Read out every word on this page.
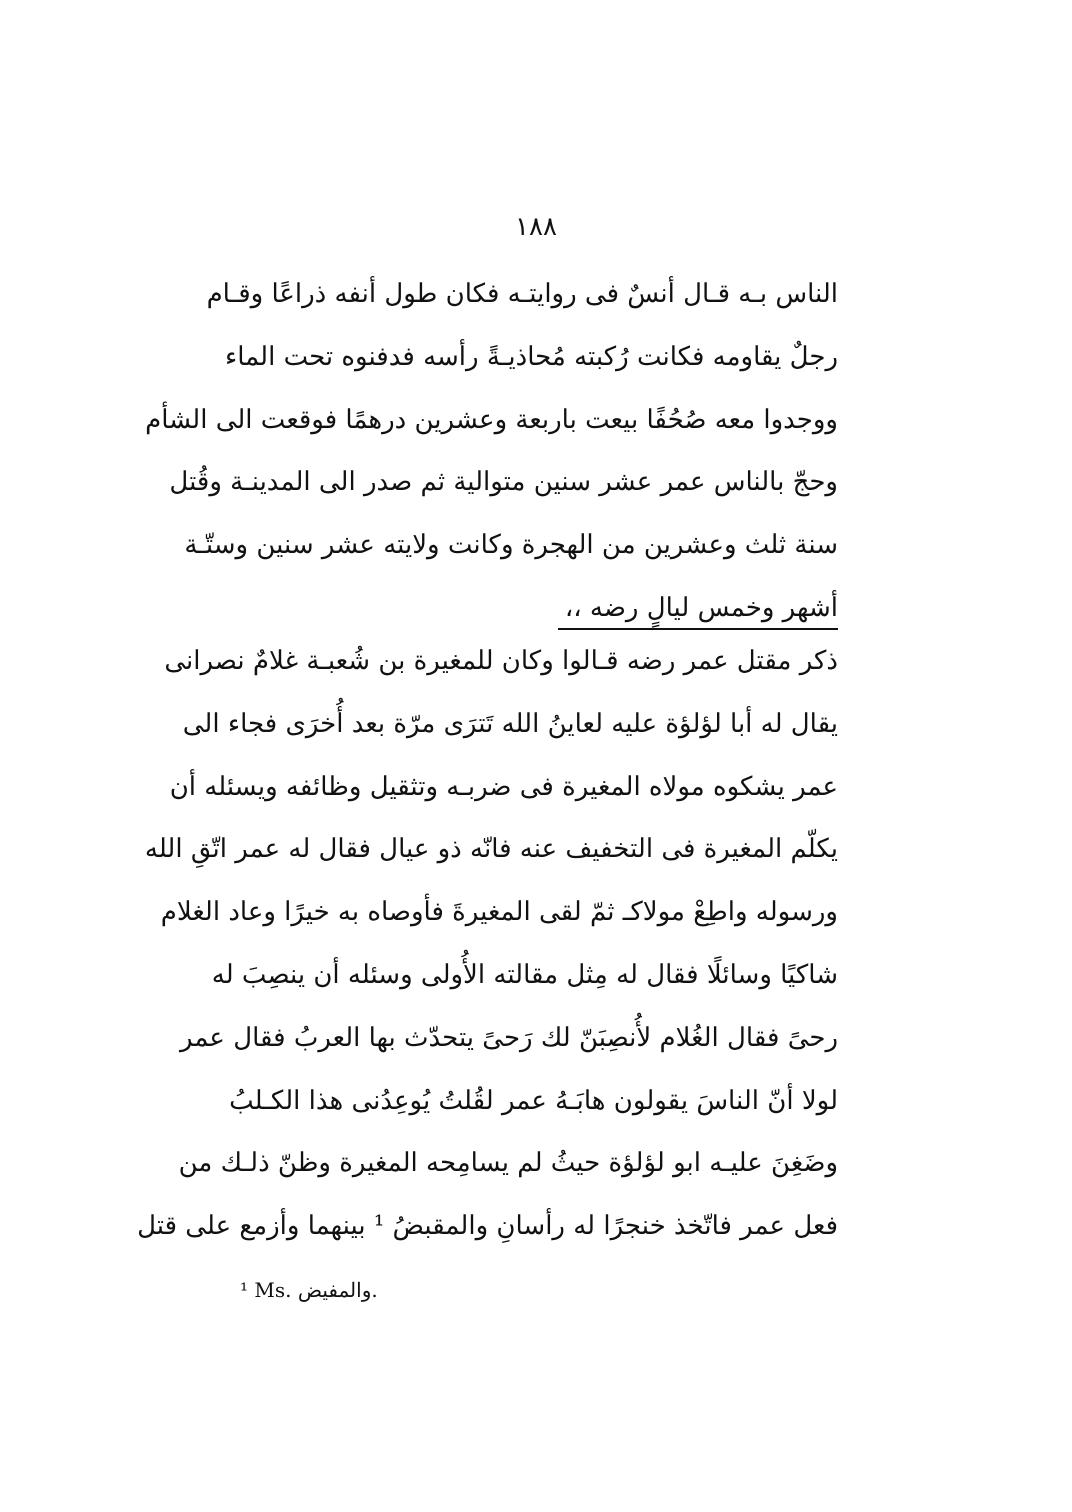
١٨٨
الناس بـه قـال أنسٌ فى روايتـه فكان طول أنفه ذراعًا وقـام
رجلٌ يقاومه فكانت رُكبته مُحاذيـةً رأسه فدفنوه تحت الماء
ووجدوا معه صُحُفًا بيعت باربعة وعشرين درهمًا فوقعت الى الشأم
وحجّ بالناس عمر عشر سنين متوالية ثم صدر الى المدينـة وقُتل
سنة ثلث وعشرين من الهجرة وكانت ولايته عشر سنين وستّـة
أشهر وخمس ليالٍ رضه ،،
ذكر مقتل عمر رضه قـالوا وكان للمغيرة بن شُعبـة غلامٌ نصرانى
يقال له أبا لؤلؤة عليه لعاينُ الله تَترَى مرّة بعد أُخرَى فجاء الى
عمر يشكوه مولاه المغيرة فى ضربـه وتثقيل وظائفه ويسئله أن
يكلّم المغيرة فى التخفيف عنه فانّه ذو عيال فقال له عمر اتّقِ الله
ورسوله واطِعْ مولاكـ ثمّ لقى المغيرةَ فأوصاه به خيرًا وعاد الغلام
شاكيًا وسائلًا فقال له مِثل مقالته الأُولى وسئله أن ينصِبَ له
رحىً فقال الغُلام لأُنصِبَنّ لك رَحىً يتحدّث بها العربُ فقال عمر
لولا أنّ الناسَ يقولون هابَـهُ عمر لقُلتُ يُوعِدُنى هذا الكـلبُ
وضَغِنَ عليـه ابو لؤلؤة حيثُ لم يسامِحه المغيرة وظنّ ذلـك من
فعل عمر فاتّخذ خنجرًا له رأسانِ والمقبضُ ¹ بينهما وأزمع على قتل
¹ Ms. والمفيض.
